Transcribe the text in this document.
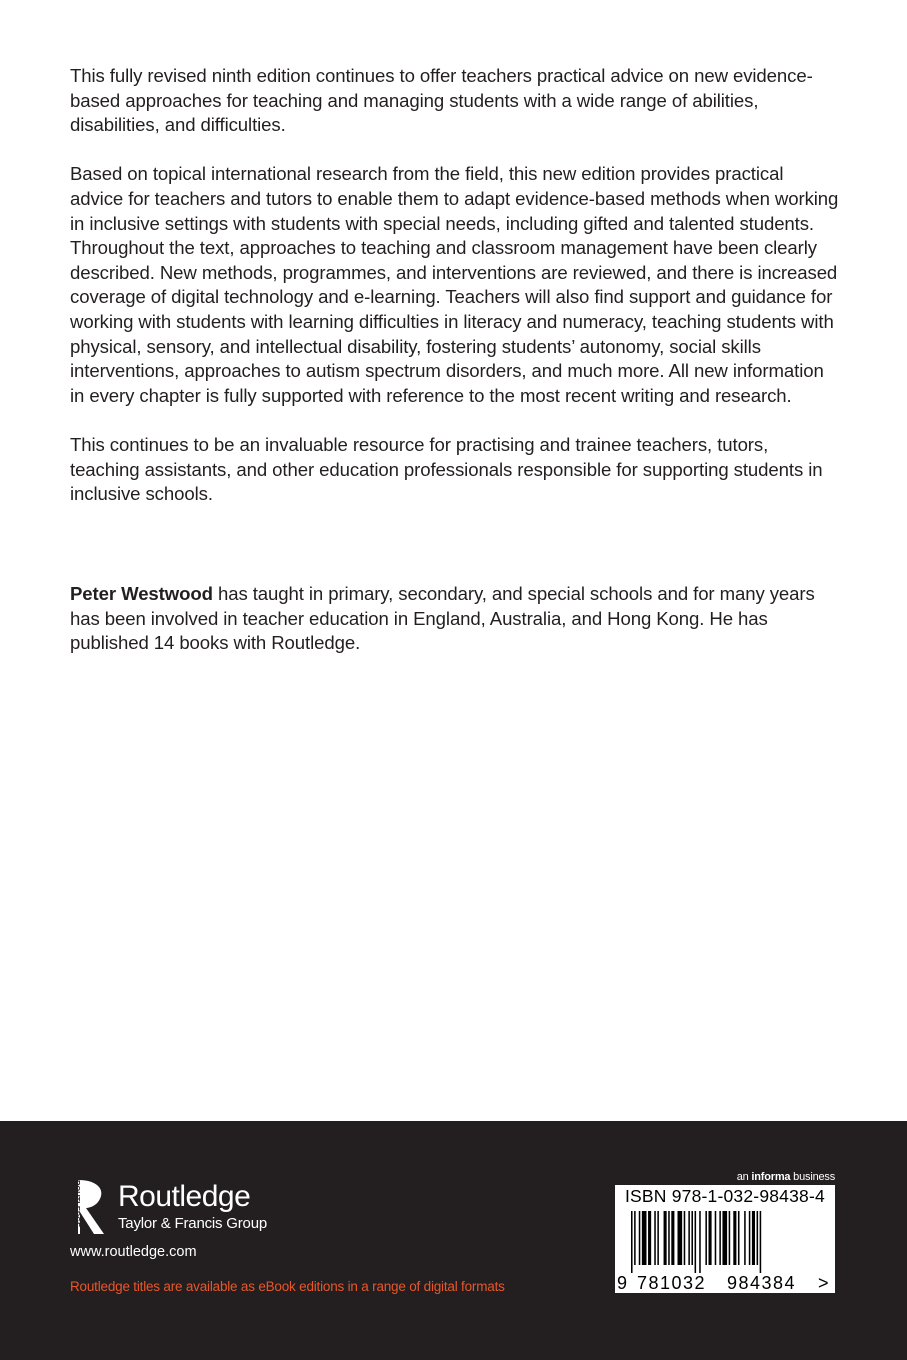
This fully revised ninth edition continues to offer teachers practical advice on new evidence-based approaches for teaching and managing students with a wide range of abilities, disabilities, and difficulties.

Based on topical international research from the field, this new edition provides practical advice for teachers and tutors to enable them to adapt evidence-based methods when working in inclusive settings with students with special needs, including gifted and talented students. Throughout the text, approaches to teaching and classroom management have been clearly described. New methods, programmes, and interventions are reviewed, and there is increased coverage of digital technology and e-learning. Teachers will also find support and guidance for working with students with learning difficulties in literacy and numeracy, teaching students with physical, sensory, and intellectual disability, fostering students’ autonomy, social skills interventions, approaches to autism spectrum disorders, and much more. All new information in every chapter is fully supported with reference to the most recent writing and research.

This continues to be an invaluable resource for practising and trainee teachers, tutors, teaching assistants, and other education professionals responsible for supporting students in inclusive schools.

Peter Westwood has taught in primary, secondary, and special schools and for many years has been involved in teacher education in England, Australia, and Hong Kong. He has published 14 books with Routledge.

ROUTLEDGE Routledge
Taylor & Francis Group
www.routledge.com
Routledge titles are available as eBook editions in a range of digital formats
an informa business
ISBN 978-1-032-98438-4
9 781032 984384 >
